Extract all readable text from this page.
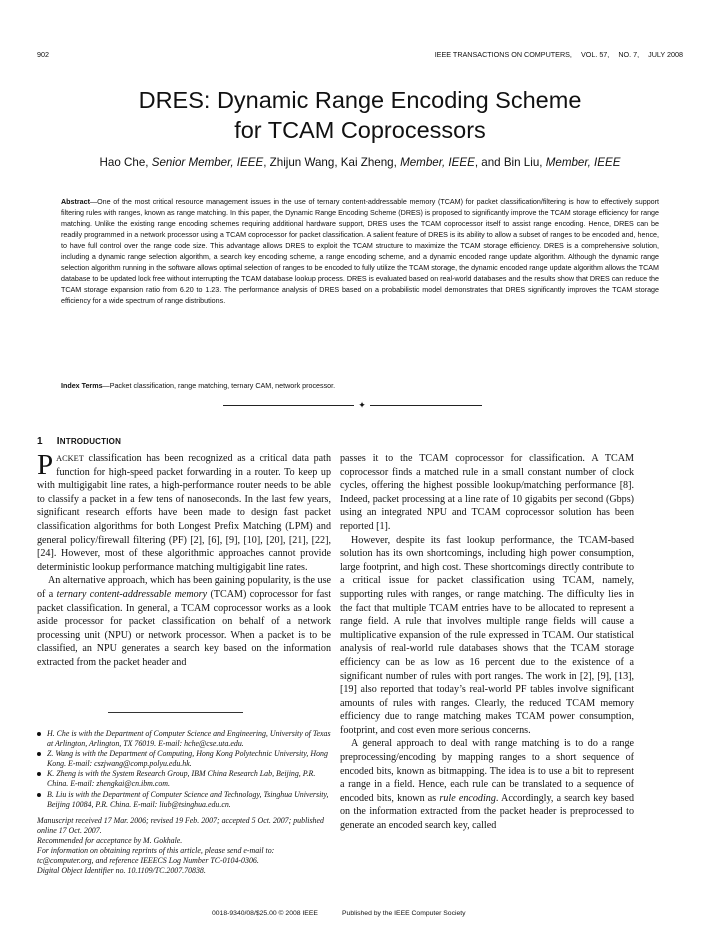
902	IEEE TRANSACTIONS ON COMPUTERS, VOL. 57, NO. 7, JULY 2008
DRES: Dynamic Range Encoding Scheme
for TCAM Coprocessors
Hao Che, Senior Member, IEEE, Zhijun Wang, Kai Zheng, Member, IEEE, and Bin Liu, Member, IEEE
Abstract—One of the most critical resource management issues in the use of ternary content-addressable memory (TCAM) for packet classification/filtering is how to effectively support filtering rules with ranges, known as range matching. In this paper, the Dynamic Range Encoding Scheme (DRES) is proposed to significantly improve the TCAM storage efficiency for range matching. Unlike the existing range encoding schemes requiring additional hardware support, DRES uses the TCAM coprocessor itself to assist range encoding. Hence, DRES can be readily programmed in a network processor using a TCAM coprocessor for packet classification. A salient feature of DRES is its ability to allow a subset of ranges to be encoded and, hence, to have full control over the range code size. This advantage allows DRES to exploit the TCAM structure to maximize the TCAM storage efficiency. DRES is a comprehensive solution, including a dynamic range selection algorithm, a search key encoding scheme, a range encoding scheme, and a dynamic encoded range update algorithm. Although the dynamic range selection algorithm running in the software allows optimal selection of ranges to be encoded to fully utilize the TCAM storage, the dynamic encoded range update algorithm allows the TCAM database to be updated lock free without interrupting the TCAM database lookup process. DRES is evaluated based on real-world databases and the results show that DRES can reduce the TCAM storage expansion ratio from 6.20 to 1.23. The performance analysis of DRES based on a probabilistic model demonstrates that DRES significantly improves the TCAM storage efficiency for a wide spectrum of range distributions.
Index Terms—Packet classification, range matching, ternary CAM, network processor.
✦
1 INTRODUCTION

PACKET classification has been recognized as a critical data path function for high-speed packet forwarding in a router. To keep up with multigigabit line rates, a high-performance router needs to be able to classify a packet in a few tens of nanoseconds. In the last few years, significant research efforts have been made to design fast packet classification algorithms for both Longest Prefix Matching (LPM) and general policy/firewall filtering (PF) [2], [6], [9], [10], [20], [21], [22], [24]. However, most of these algorithmic approaches cannot provide deterministic lookup performance matching multigigabit line rates.

An alternative approach, which has been gaining popularity, is the use of a ternary content-addressable memory (TCAM) coprocessor for fast packet classification. In general, a TCAM coprocessor works as a look aside processor for packet classification on behalf of a network processing unit (NPU) or network processor. When a packet is to be classified, an NPU generates a search key based on the information extracted from the packet header and

H. Che is with the Department of Computer Science and Engineering, University of Texas at Arlington, Arlington, TX 76019. E-mail: hche@cse.uta.edu.
Z. Wang is with the Department of Computing, Hong Kong Polytechnic University, Hong Kong. E-mail: cszjwang@comp.polyu.edu.hk.
K. Zheng is with the System Research Group, IBM China Research Lab, Beijing, P.R. China. E-mail: zhengkai@cn.ibm.com.
B. Liu is with the Department of Computer Science and Technology, Tsinghua University, Beijing 10084, P.R. China. E-mail: liub@tsinghua.edu.cn.

Manuscript received 17 Mar. 2006; revised 19 Feb. 2007; accepted 5 Oct. 2007; published online 17 Oct. 2007.

Recommended for acceptance by M. Gokhale.

For information on obtaining reprints of this article, please send e-mail to: tc@computer.org, and reference IEEECS Log Number TC-0104-0306.

Digital Object Identifier no. 10.1109/TC.2007.70838.

passes it to the TCAM coprocessor for classification. A TCAM coprocessor finds a matched rule in a small constant number of clock cycles, offering the highest possible lookup/matching performance [8]. Indeed, packet processing at a line rate of 10 gigabits per second (Gbps) using an integrated NPU and TCAM coprocessor solution has been reported [1].

However, despite its fast lookup performance, the TCAM-based solution has its own shortcomings, including high power consumption, large footprint, and high cost. These shortcomings directly contribute to a critical issue for packet classification using TCAM, namely, supporting rules with ranges, or range matching. The difficulty lies in the fact that multiple TCAM entries have to be allocated to represent a range field. A rule that involves multiple range fields will cause a multiplicative expansion of the rule expressed in TCAM. Our statistical analysis of real-world rule databases shows that the TCAM storage efficiency can be as low as 16 percent due to the existence of a significant number of rules with port ranges. The work in [2], [9], [13], [19] also reported that today’s real-world PF tables involve significant amounts of rules with ranges. Clearly, the reduced TCAM memory efficiency due to range matching makes TCAM power consumption, footprint, and cost even more serious concerns.

A general approach to deal with range matching is to do a range preprocessing/encoding by mapping ranges to a short sequence of encoded bits, known as bitmapping. The idea is to use a bit to represent a range in a field. Hence, each rule can be translated to a sequence of encoded bits, known as rule encoding. Accordingly, a search key based on the information extracted from the packet header is preprocessed to generate an encoded search key, called

0018-9340/08/$25.00 © 2008 IEEE	Published by the IEEE Computer Society
